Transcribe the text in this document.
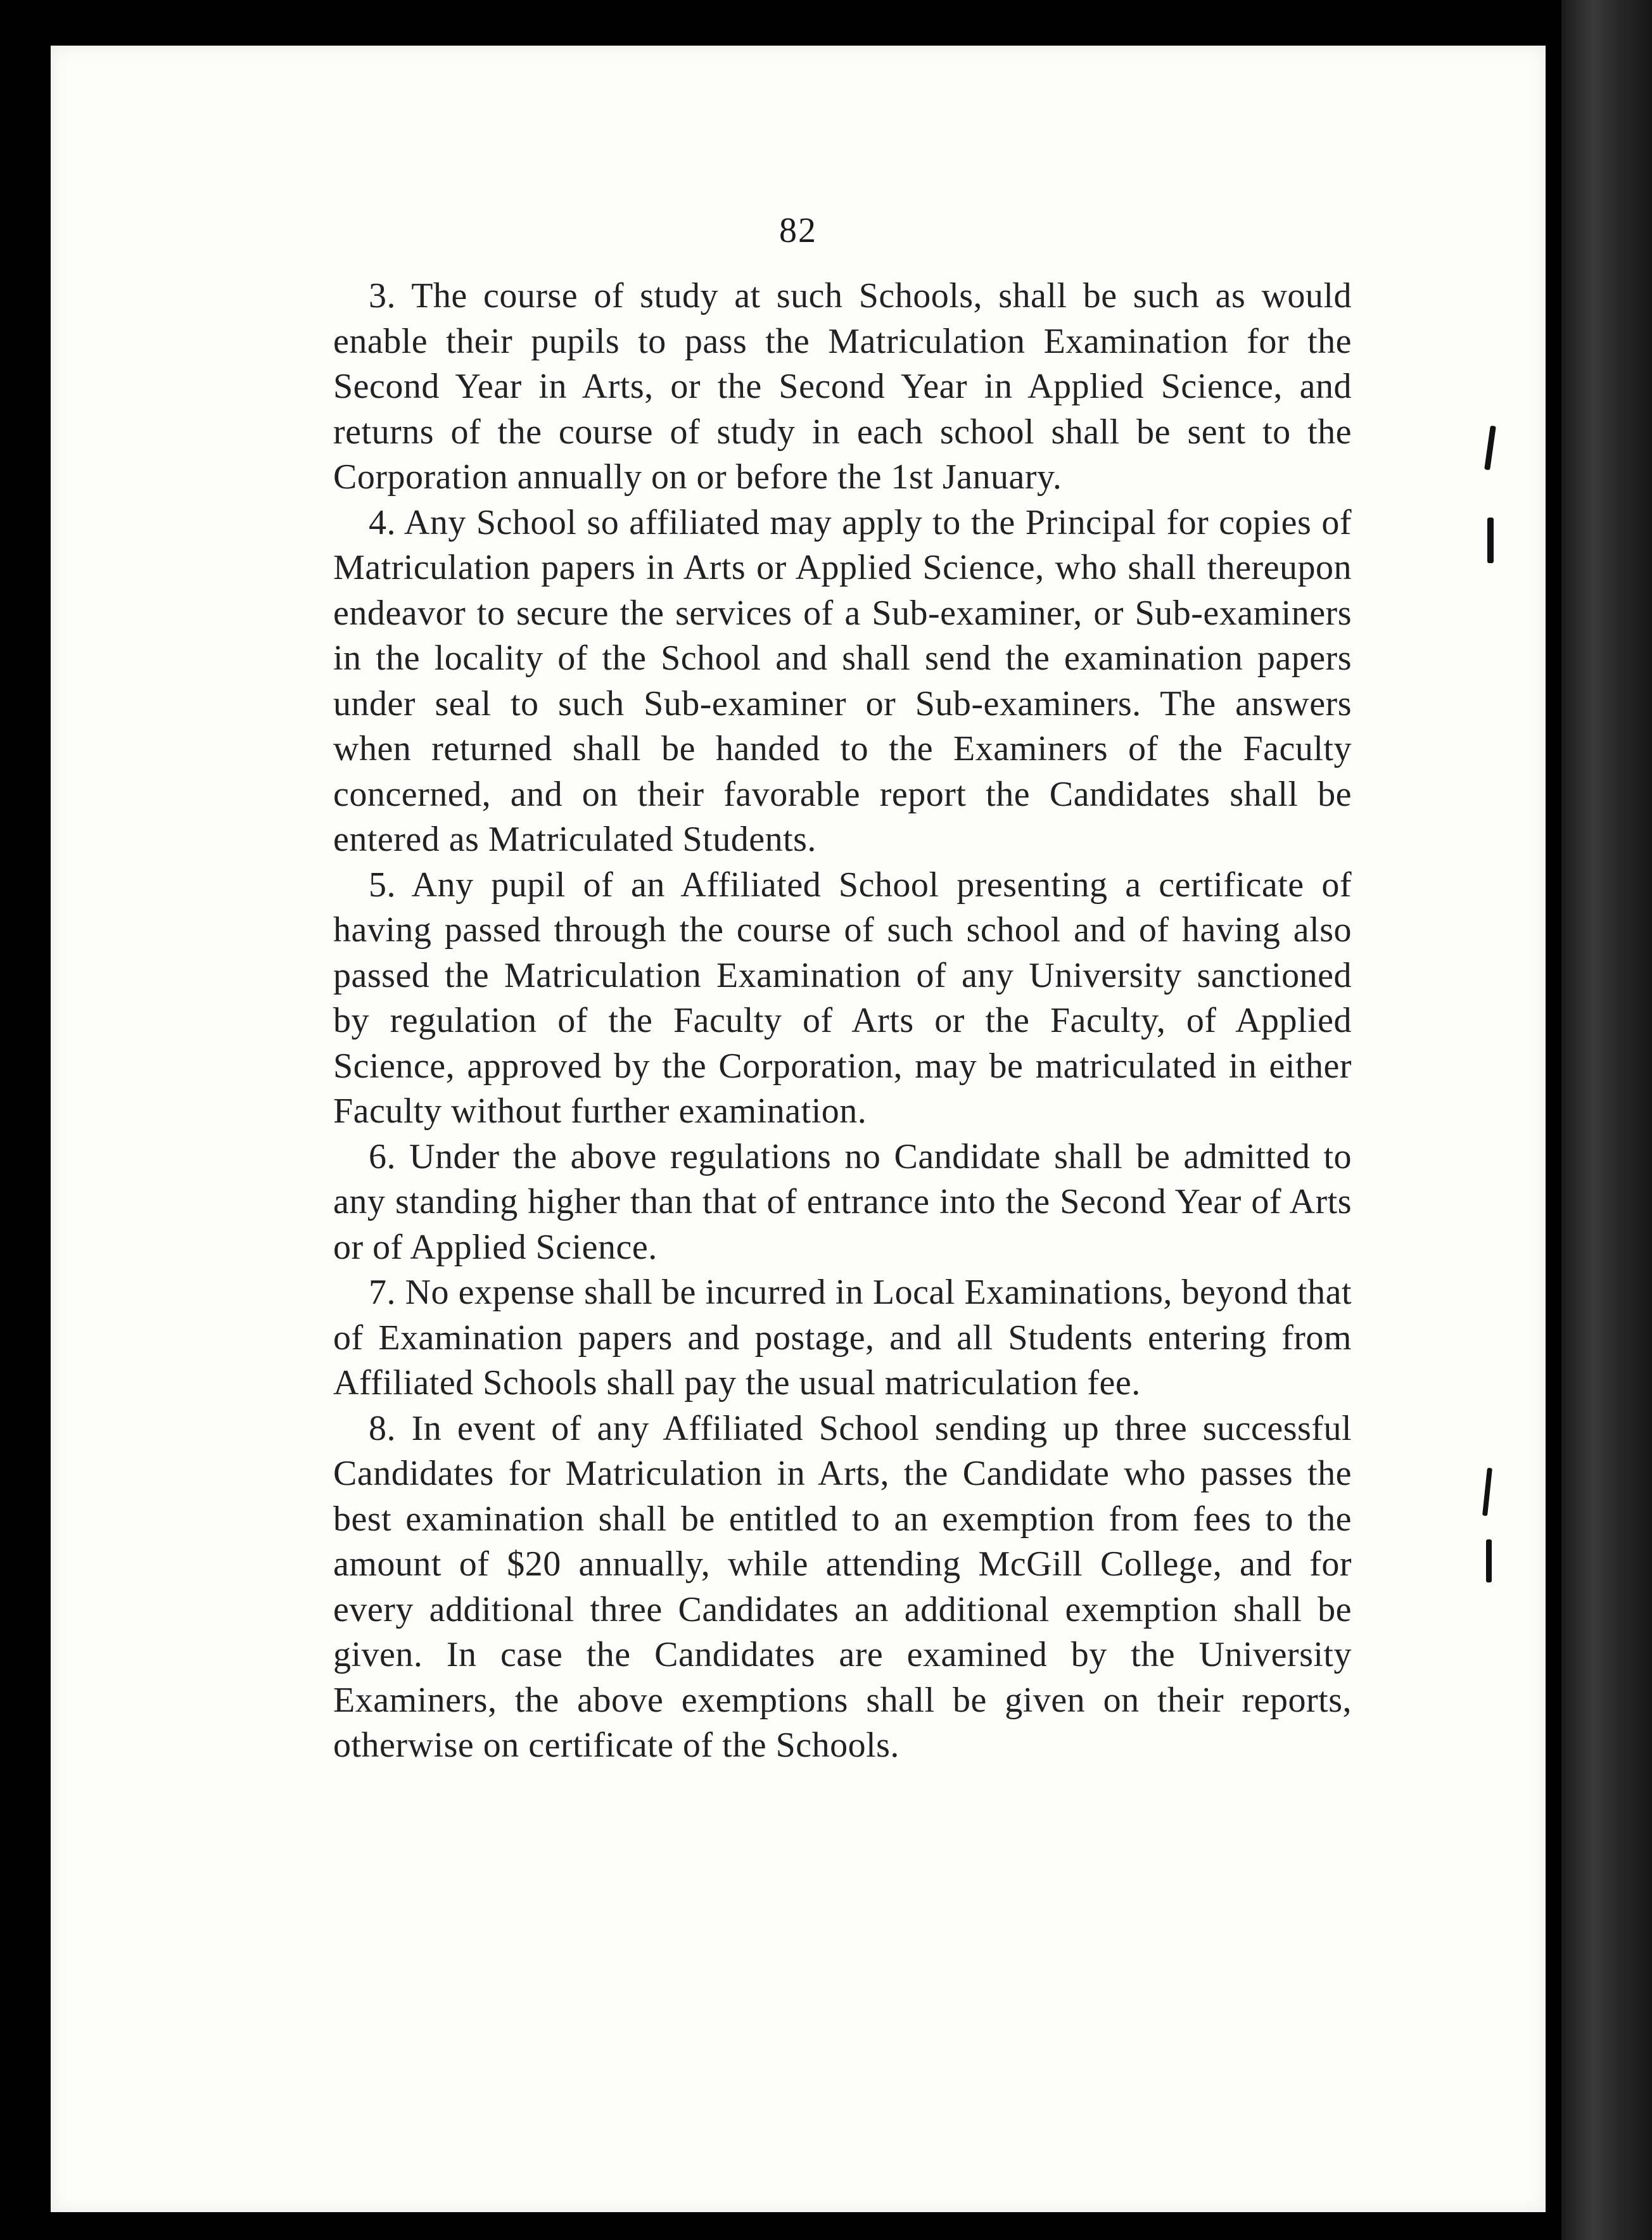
82

3. The course of study at such Schools, shall be such as would enable their pupils to pass the Matriculation Examination for the Second Year in Arts, or the Second Year in Applied Science, and returns of the course of study in each school shall be sent to the Corporation annually on or before the 1st January.

4. Any School so affiliated may apply to the Principal for copies of Matriculation papers in Arts or Applied Science, who shall thereupon endeavor to secure the services of a Sub-examiner, or Sub-examiners in the locality of the School and shall send the examination papers under seal to such Sub-examiner or Sub-examiners. The answers when returned shall be handed to the Examiners of the Faculty concerned, and on their favorable report the Candidates shall be entered as Matriculated Students.

5. Any pupil of an Affiliated School presenting a certificate of having passed through the course of such school and of having also passed the Matriculation Examination of any University sanctioned by regulation of the Faculty of Arts or the Faculty, of Applied Science, approved by the Corporation, may be matriculated in either Faculty without further examination.

6. Under the above regulations no Candidate shall be admitted to any standing higher than that of entrance into the Second Year of Arts or of Applied Science.

7. No expense shall be incurred in Local Examinations, beyond that of Examination papers and postage, and all Students entering from Affiliated Schools shall pay the usual matriculation fee.

8. In event of any Affiliated School sending up three successful Candidates for Matriculation in Arts, the Candidate who passes the best examination shall be entitled to an exemption from fees to the amount of $20 annually, while attending McGill College, and for every additional three Candidates an additional exemption shall be given. In case the Candidates are examined by the University Examiners, the above exemptions shall be given on their reports, otherwise on certificate of the Schools.
